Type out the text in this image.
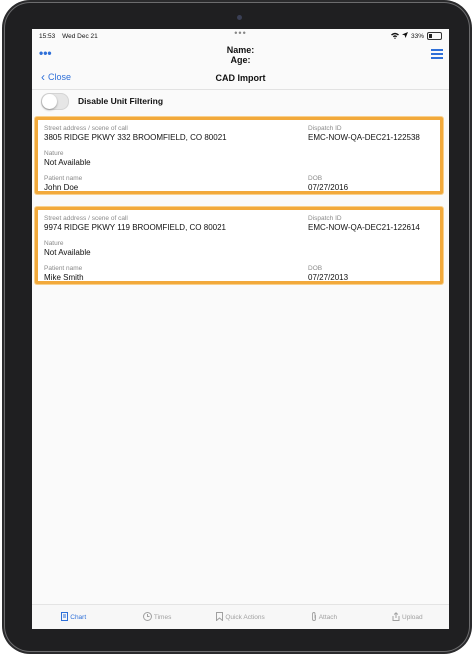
15:53 Wed Dec 21	•••	33%
•••	Name:
Age:
‹ Close	CAD Import
Disable Unit Filtering
Street address / scene of call
3805 RIDGE PKWY 332 BROOMFIELD, CO 80021
Dispatch ID
EMC-NOW-QA-DEC21-122538
Nature
Not Available
Patient name
John Doe
DOB
07/27/2016
Street address / scene of call
9974 RIDGE PKWY 119 BROOMFIELD, CO 80021
Dispatch ID
EMC-NOW-QA-DEC21-122614
Nature
Not Available
Patient name
Mike Smith
DOB
07/27/2013
Chart	Times	Quick Actions	Attach	Upload
